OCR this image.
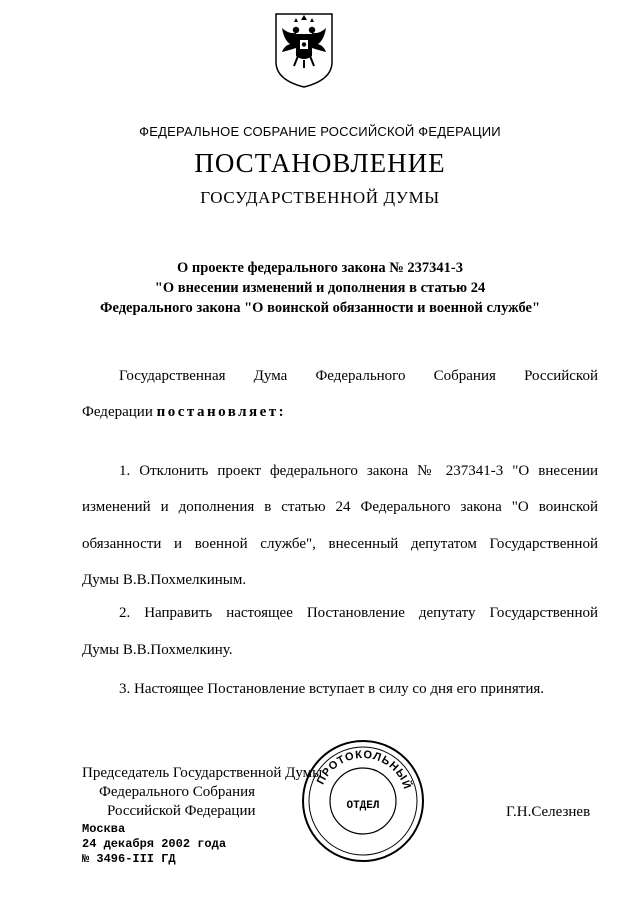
ФЕДЕРАЛЬНОЕ СОБРАНИЕ РОССИЙСКОЙ ФЕДЕРАЦИИ
ПОСТАНОВЛЕНИЕ
ГОСУДАРСТВЕННОЙ ДУМЫ
О проекте федерального закона № 237341-3
"О внесении изменений и дополнения в статью 24
Федерального закона "О воинской обязанности и военной службе"
Государственная Дума Федерального Собрания Российской
Федерации постановляет:
1. Отклонить проект федерального закона № 237341-3 "О внесении
изменений и дополнения в статью 24 Федерального закона "О воинской
обязанности и военной службе", внесенный депутатом Государственной
Думы В.В.Похмелкиным.
2. Направить настоящее Постановление депутату Государственной
Думы В.В.Похмелкину.
3. Настоящее Постановление вступает в силу со дня его принятия.
Председатель Государственной Думы
Федерального Собрания
Российской Федерации
ПРОТОКОЛЬНЫЙ
ОТДЕЛ	Г.Н.Селезнев
Москва
24 декабря 2002 года
№ 3496-III ГД
